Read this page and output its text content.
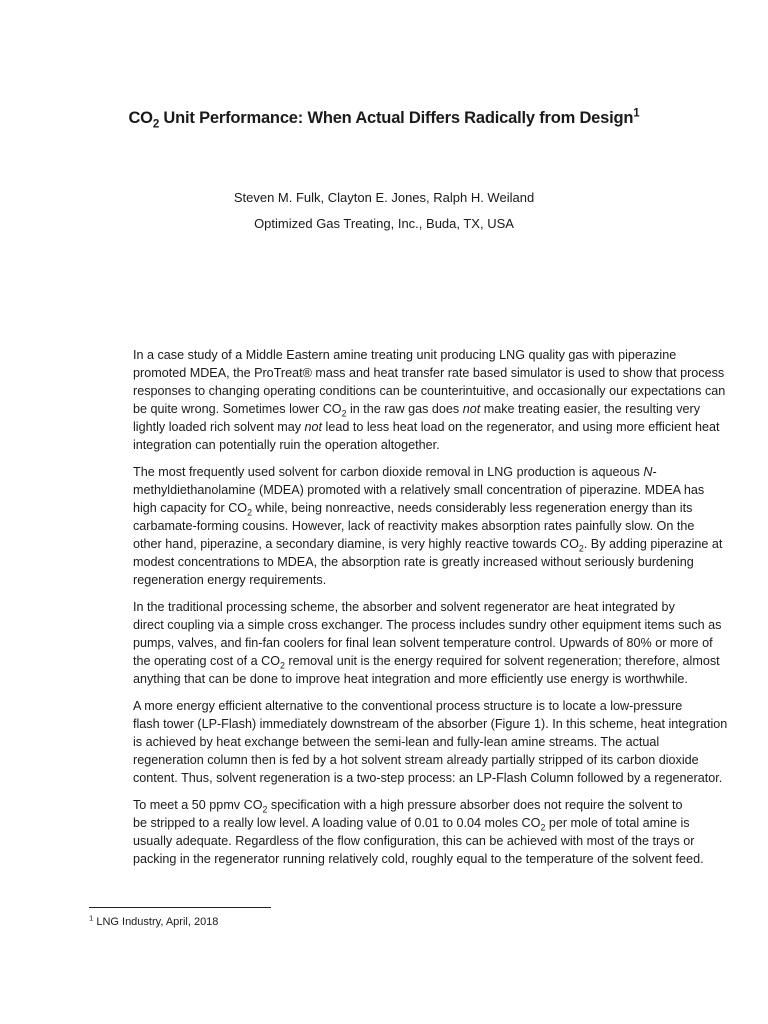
$CO_2$ Unit Performance: When Actual Differs Radically from Design$^1$
Steven M. Fulk, Clayton E. Jones, Ralph H. Weiland
Optimized Gas Treating, Inc., Buda, TX, USA

In a case study of a Middle Eastern amine treating unit producing LNG quality gas with piperazine
promoted MDEA, the ProTreat® mass and heat transfer rate based simulator is used to show that process
responses to changing operating conditions can be counterintuitive, and occasionally our expectations can
be quite wrong. Sometimes lower $CO_2$ in the raw gas does not make treating easier, the resulting very
lightly loaded rich solvent may not lead to less heat load on the regenerator, and using more efficient heat
integration can potentially ruin the operation altogether.

The most frequently used solvent for carbon dioxide removal in LNG production is aqueous N-
methyldiethanolamine (MDEA) promoted with a relatively small concentration of piperazine. MDEA has
high capacity for $CO_2$ while, being nonreactive, needs considerably less regeneration energy than its
carbamate-forming cousins. However, lack of reactivity makes absorption rates painfully slow. On the
other hand, piperazine, a secondary diamine, is very highly reactive towards $CO_2$. By adding piperazine at
modest concentrations to MDEA, the absorption rate is greatly increased without seriously burdening
regeneration energy requirements.

In the traditional processing scheme, the absorber and solvent regenerator are heat integrated by
direct coupling via a simple cross exchanger. The process includes sundry other equipment items such as
pumps, valves, and fin-fan coolers for final lean solvent temperature control. Upwards of 80% or more of
the operating cost of a $CO_2$ removal unit is the energy required for solvent regeneration; therefore, almost
anything that can be done to improve heat integration and more efficiently use energy is worthwhile.

A more energy efficient alternative to the conventional process structure is to locate a low-pressure
flash tower (LP-Flash) immediately downstream of the absorber (Figure 1). In this scheme, heat integration
is achieved by heat exchange between the semi-lean and fully-lean amine streams. The actual
regeneration column then is fed by a hot solvent stream already partially stripped of its carbon dioxide
content. Thus, solvent regeneration is a two-step process: an LP-Flash Column followed by a regenerator.

To meet a 50 ppmv $CO_2$ specification with a high pressure absorber does not require the solvent to
be stripped to a really low level. A loading value of 0.01 to 0.04 moles $CO_2$ per mole of total amine is
usually adequate. Regardless of the flow configuration, this can be achieved with most of the trays or
packing in the regenerator running relatively cold, roughly equal to the temperature of the solvent feed.

$^1$ LNG Industry, April, 2018
